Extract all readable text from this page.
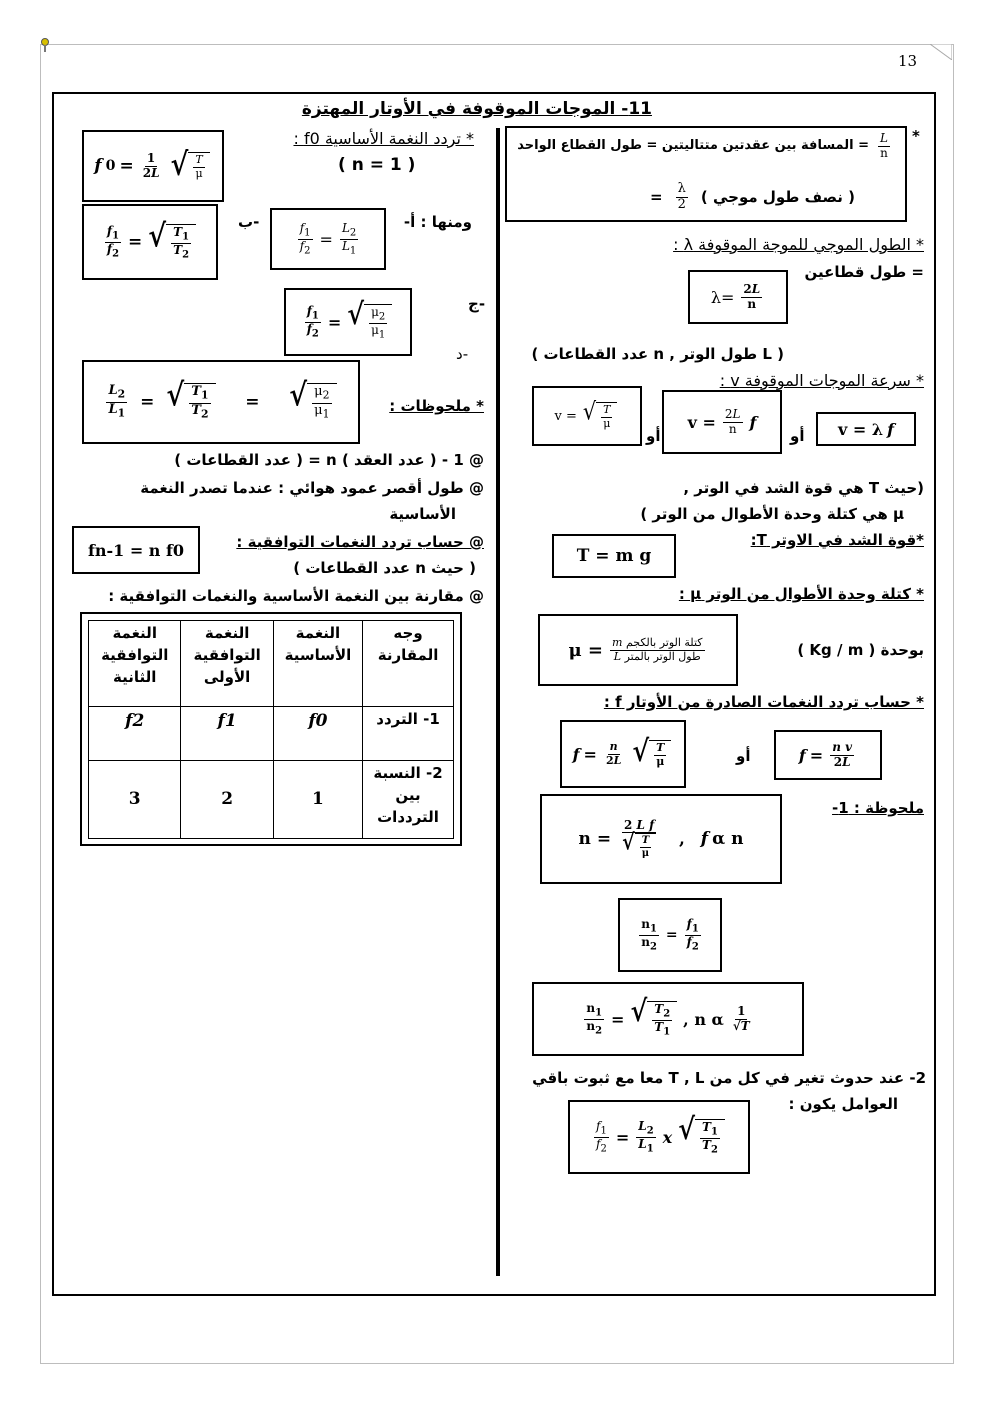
13
11- الموجات الموقوفة في الأوتار المهتزة
*
$\frac{L}{n}$
= المسافة بين عقدتين متتاليتين = طول القطاع الواحد
( نصف طول موجي )
$\frac{\lambda}{2}$
=
* الطول الموجي للموجة الموقوفة λ :
= طول قطاعين
$\lambda= \frac{2L}{n}$
( L طول الوتر , n عدد القطاعات )
* سرعة الموجات الموقوفة v :
v = √ $\frac{T}{\mu}$
أو
$v = \frac{2L}{n}$ f
أو v = λ f
(حيث T هي قوة الشد في الوتر ,
μ هي كتلة وحدة الأطوال من الوتر )
*قوة الشد في الاوتر T:
T = m g
* كتلة وحدة الأطوال من الوتر μ :
$\mu = \frac{\text{m كتلة الوتر بالكجم}}{\text{L طول الوتر بالمتر}}$	بوحدة ( Kg / m )
* حساب تردد النغمات الصادرة من الأوتار f :
$f = \frac{n}{2L}$ √ $\frac{T}{\mu}$	أو	$f = \frac{\text{n v}}{2L}$
ملحوظة : 1-
$n = \frac{\text{2 L f}}{√ \frac{T}{\mu}}$ , f α n
$\frac{n_1}{n_2} = \frac{f_1}{f_2}$
$\frac{n_1}{n_2}$ = √ $\frac{T_2}{T_1}$ , n α $\frac{1}{√T}$
2- عند حدوث تغير في كل من T , L معا مع ثبوت باقي
العوامل يكون :
$\frac{f_1}{f_2} = \frac{L_2}{L_1}$ x √ $\frac{T_1}{T_2}$
* تردد النغمة الأساسية f0 :
( n = 1 )
f $0 = \frac{1}{2L}$ √ $\frac{T}{\mu}$
$\frac{f_1}{f_2}$ = √ $\frac{T_1}{T_2}$
ب-	$\frac{f_1}{f_2} = \frac{L_2}{L_1}$	ومنها : أ-
$\frac{f_1}{f_2}$ = √ $\frac{\mu_2}{\mu_1}$
ج-
د-
$\frac{L_2}{L_1}$ = √ $\frac{T_1}{T_2}$ = √ $\frac{\mu_2}{\mu_1}$	* ملحوظات :
@ 1 - ( عدد العقد ) n = ( عدد القطاعات )
@ طول أقصر عمود هوائي : عندما تصدر النغمة
الأساسية
@ حساب تردد النغمات التوافقية :
( حيث n عدد القطاعات )
fn-1 = n f0
@ مقارنة بين النغمة الأساسية والنغمات التوافقية :
وجه المقارنة	النغمة الأساسية	النغمة التوافقية الأولى	النغمة التوافقية الثانية
1- التردد	f0	f1	f2
2- النسبة بين الترددات	1	2	3
